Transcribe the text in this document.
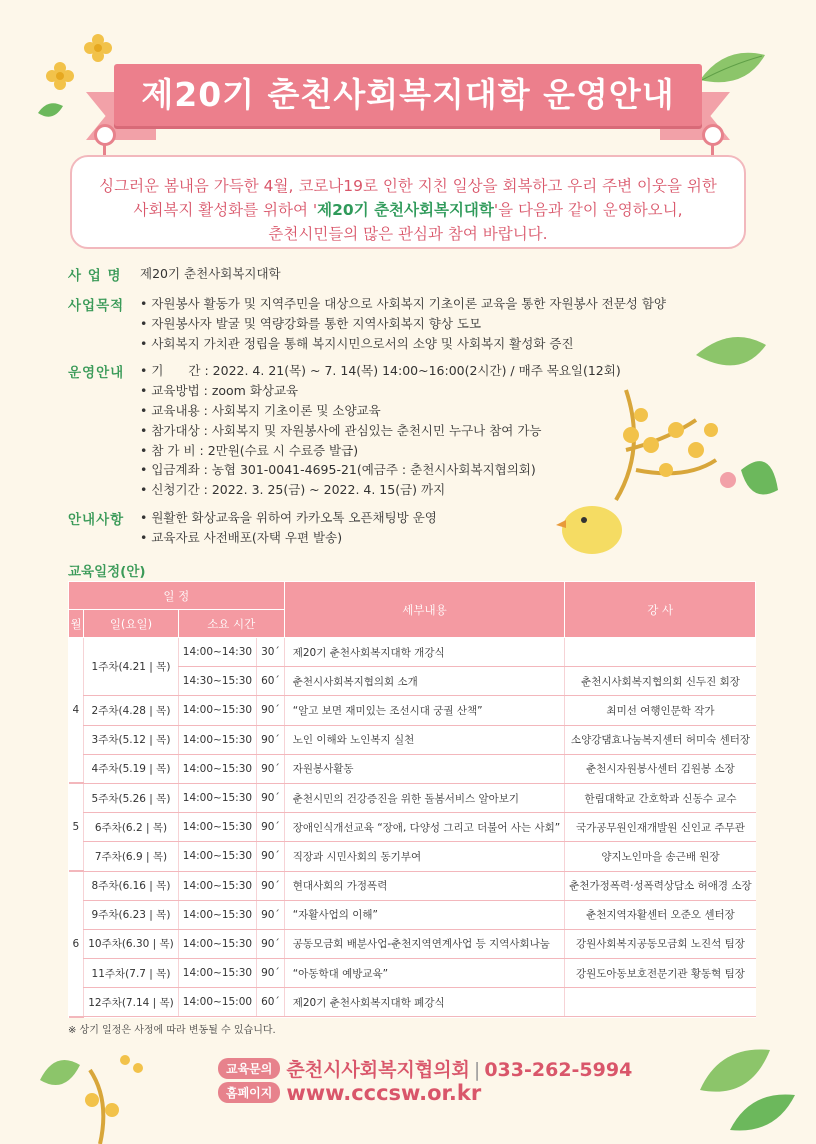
제20기 춘천사회복지대학 운영안내
싱그러운 봄내음 가득한 4월, 코로나19로 인한 지친 일상을 회복하고 우리 주변 이웃을 위한
사회복지 활성화를 위하여 '제20기 춘천사회복지대학'을 다음과 같이 운영하오니,
춘천시민들의 많은 관심과 참여 바랍니다.
사 업 명	제20기 춘천사회복지대학
사업목적	• 자원봉사 활동가 및 지역주민을 대상으로 사회복지 기초이론 교육을 통한 자원봉사 전문성 함양
• 자원봉사자 발굴 및 역량강화를 통한 지역사회복지 향상 도모
• 사회복지 가치관 정립을 통해 복지시민으로서의 소양 및 사회복지 활성화 증진
운영안내	• 기　　간 : 2022. 4. 21(목) ~ 7. 14(목) 14:00~16:00(2시간) / 매주 목요일(12회)
• 교육방법 : zoom 화상교육
• 교육내용 : 사회복지 기초이론 및 소양교육
• 참가대상 : 사회복지 및 자원봉사에 관심있는 춘천시민 누구나 참여 가능
• 참 가 비 : 2만원(수료 시 수료증 발급)
• 입금계좌 : 농협 301-0041-4695-21(예금주 : 춘천시사회복지협의회)
• 신청기간 : 2022. 3. 25(금) ~ 2022. 4. 15(금) 까지
안내사항	• 원활한 화상교육을 위하여 카카오톡 오픈채팅방 운영
• 교육자료 사전배포(자택 우편 발송)
교육일정(안)
일 정				세부내용	강 사
월	일(요일)	소요 시간			
4	1주차(4.21 | 목)	14:00~14:30	30´	제20기 춘천사회복지대학 개강식	
		14:30~15:30	60´	춘천시사회복지협의회 소개	춘천시사회복지협의회 신두진 회장
	2주차(4.28 | 목)	14:00~15:30	90´	“알고 보면 재미있는 조선시대 궁궐 산책”	최미선 여행인문학 작가
	3주차(5.12 | 목)	14:00~15:30	90´	노인 이해와 노인복지 실천	소양강댐효나눔복지센터 허미숙 센터장
	4주차(5.19 | 목)	14:00~15:30	90´	자원봉사활동	춘천시자원봉사센터 김원봉 소장
5	5주차(5.26 | 목)	14:00~15:30	90´	춘천시민의 건강증진을 위한 돌봄서비스 알아보기	한림대학교 간호학과 신동수 교수
	6주차(6.2 | 목)	14:00~15:30	90´	장애인식개선교육 “장애, 다양성 그리고 더불어 사는 사회”	국가공무원인재개발원 신인교 주무관
	7주차(6.9 | 목)	14:00~15:30	90´	직장과 시민사회의 동기부여	양지노인마을 송근배 원장
6	8주차(6.16 | 목)	14:00~15:30	90´	현대사회의 가정폭력	춘천가정폭력·성폭력상담소 허애경 소장
	9주차(6.23 | 목)	14:00~15:30	90´	“자활사업의 이해”	춘천지역자활센터 오준오 센터장
	10주차(6.30 | 목)	14:00~15:30	90´	공동모금회 배분사업-춘천지역연계사업 등 지역사회나눔	강원사회복지공동모금회 노진석 팀장
	11주차(7.7 | 목)	14:00~15:30	90´	“아동학대 예방교육”	강원도아동보호전문기관 황동혁 팀장
	12주차(7.14 | 목)	14:00~15:00	60´	제20기 춘천사회복지대학 폐강식	
※ 상기 일정은 사정에 따라 변동될 수 있습니다.
교육문의 춘천시사회복지협의회 | 033-262-5994
홈페이지 www.cccsw.or.kr
